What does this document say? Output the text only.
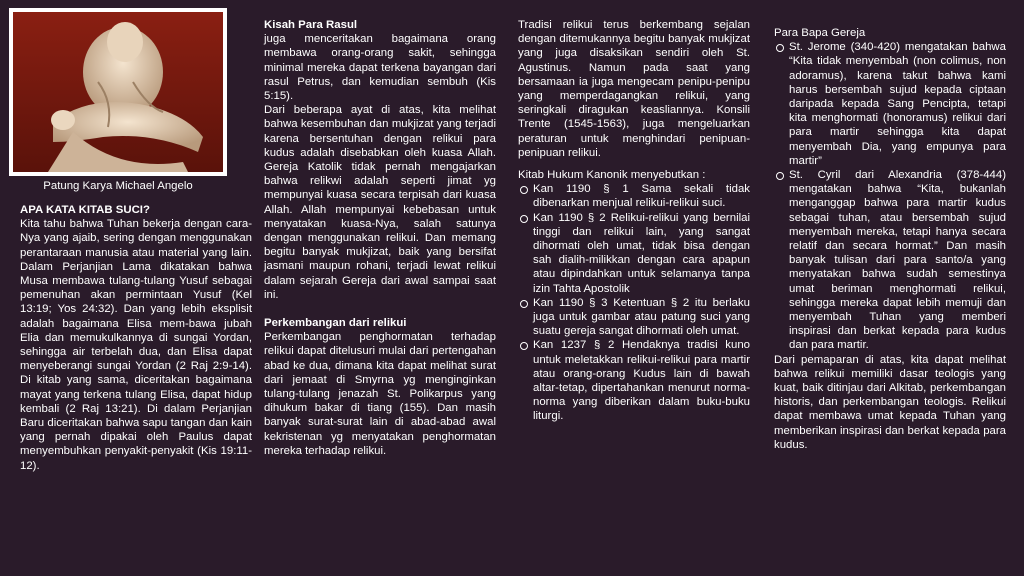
Patung Karya Michael Angelo

APA KATA KITAB SUCI?

Kita tahu bahwa Tuhan bekerja dengan cara-Nya yang ajaib, sering dengan menggunakan perantaraan manusia atau material yang lain. Dalam Perjanjian Lama dikatakan bahwa Musa membawa tulang-tulang Yusuf sebagai pemenuhan akan permintaan Yusuf (Kel 13:19; Yos 24:32). Dan yang lebih eksplisit adalah bagaimana Elisa mem-bawa jubah Elia dan memukulkannya di sungai Yordan, sehingga air terbelah dua, dan Elisa dapat menyeberangi sungai Yordan (2 Raj 2:9-14). Di kitab yang sama, diceritakan bagaimana mayat yang terkena tulang Elisa, dapat hidup kembali (2 Raj 13:21). Di dalam Perjanjian Baru diceritakan bahwa sapu tangan dan kain yang pernah dipakai oleh Paulus dapat menyembuhkan penyakit-penyakit (Kis 19:11-12).

Kisah Para Rasul

juga menceritakan bagaimana orang membawa orang-orang sakit, sehingga minimal mereka dapat terkena bayangan dari rasul Petrus, dan kemudian sembuh (Kis 5:15).

Dari beberapa ayat di atas, kita melihat bahwa kesembuhan dan mukjizat yang terjadi karena bersentuhan dengan relikui para kudus adalah disebabkan oleh kuasa Allah. Gereja Katolik tidak pernah mengajarkan bahwa relikwi adalah seperti jimat yg mempunyai kuasa secara terpisah dari kuasa Allah. Allah mempunyai kebebasan untuk menyatakan kuasa-Nya, salah satunya dengan menggunakan relikui. Dan memang begitu banyak mukjizat, baik yang bersifat jasmani maupun rohani, terjadi lewat relikui dalam sejarah Gereja dari awal sampai saat ini.

Perkembangan dari relikui

Perkembangan penghormatan terhadap relikui dapat ditelusuri mulai dari pertengahan abad ke dua, dimana kita dapat melihat surat dari jemaat di Smyrna yg menginginkan tulang-tulang jenazah St. Polikarpus yang dihukum bakar di tiang (155). Dan masih banyak surat-surat lain di abad-abad awal kekristenan yg menyatakan penghormatan mereka terhadap relikui.

Tradisi relikui terus berkembang sejalan dengan ditemukannya begitu banyak mukjizat yang juga disaksikan sendiri oleh St. Agustinus. Namun pada saat yang bersamaan ia juga mengecam penipu-penipu yang memperdagangkan relikui, yang seringkali diragukan keasliannya. Konsili Trente (1545-1563), juga mengeluarkan peraturan untuk menghindari penipuan-penipuan relikui.

Kitab Hukum Kanonik menyebutkan :

Kan 1190 § 1 Sama sekali tidak dibenarkan menjual relikui-relikui suci.
Kan 1190 § 2 Relikui-relikui yang bernilai tinggi dan relikui lain, yang sangat dihormati oleh umat, tidak bisa dengan sah dialih-milikkan dengan cara apapun atau dipindahkan untuk selamanya tanpa izin Tahta Apostolik
Kan 1190 § 3 Ketentuan § 2 itu berlaku juga untuk gambar atau patung suci yang suatu gereja sangat dihormati oleh umat.
Kan 1237 § 2 Hendaknya tradisi kuno untuk meletakkan relikui-relikui para martir atau orang-orang Kudus lain di bawah altar-tetap, dipertahankan menurut norma-norma yang diberikan dalam buku-buku liturgi.

Para Bapa Gereja

St. Jerome (340-420) mengatakan bahwa “Kita tidak menyembah (non colimus, non adoramus), karena takut bahwa kami harus bersembah sujud kepada ciptaan daripada kepada Sang Pencipta, tetapi kita menghormati (honoramus) relikui dari para martir sehingga kita dapat menyembah Dia, yang empunya para martir”
St. Cyril dari Alexandria (378-444) mengatakan bahwa “Kita, bukanlah menganggap bahwa para martir kudus sebagai tuhan, atau bersembah sujud menyembah mereka, tetapi hanya secara relatif dan secara hormat.” Dan masih banyak tulisan dari para santo/a yang menyatakan bahwa sudah semestinya umat beriman menghormati relikui, sehingga mereka dapat lebih memuji dan menyembah Tuhan yang memberi inspirasi dan berkat kepada para kudus dan para martir.

Dari pemaparan di atas, kita dapat melihat bahwa relikui memiliki dasar teologis yang kuat, baik ditinjau dari Alkitab, perkembangan historis, dan perkembangan teologis. Relikui dapat membawa umat kepada Tuhan yang memberikan inspirasi dan berkat kepada para kudus.
